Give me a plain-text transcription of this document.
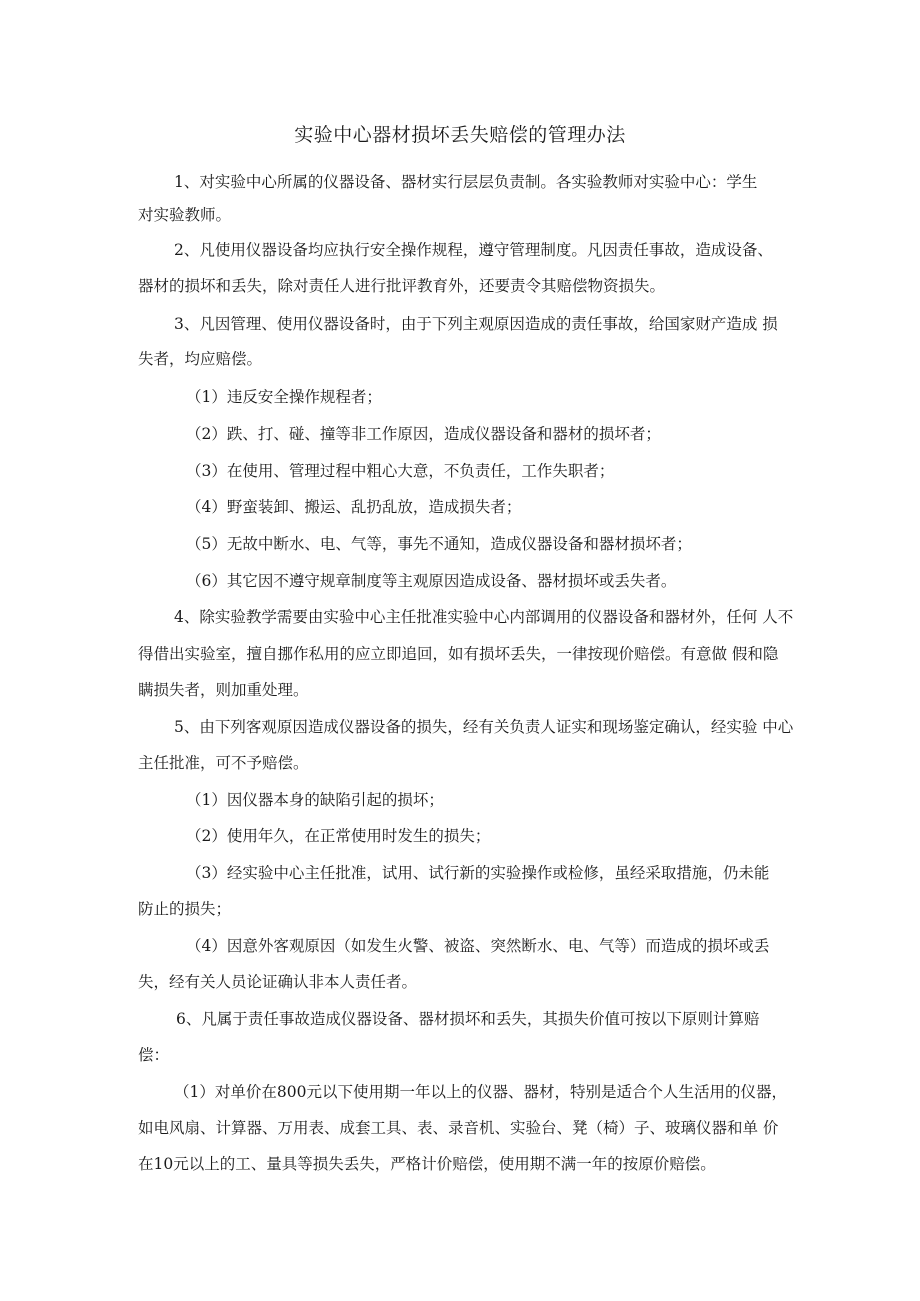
实验中心器材损坏丢失赔偿的管理办法
1、对实验中心所属的仪器设备、器材实行层层负责制。各实验教师对实验中心：学生
对实验教师。
2、凡使用仪器设备均应执行安全操作规程，遵守管理制度。凡因责任事故，造成设备、
器材的损坏和丢失，除对责任人进行批评教育外，还要责令其赔偿物资损失。
3、凡因管理、使用仪器设备时，由于下列主观原因造成的责任事故，给国家财产造成 损
失者，均应赔偿。
（1）违反安全操作规程者；
（2）跌、打、碰、撞等非工作原因，造成仪器设备和器材的损坏者；
（3）在使用、管理过程中粗心大意，不负责任，工作失职者；
（4）野蛮装卸、搬运、乱扔乱放，造成损失者；
（5）无故中断水、电、气等，事先不通知，造成仪器设备和器材损坏者；
（6）其它因不遵守规章制度等主观原因造成设备、器材损坏或丢失者。
4、除实验教学需要由实验中心主任批准实验中心内部调用的仪器设备和器材外，任何 人不
得借出实验室，擅自挪作私用的应立即追回，如有损坏丢失，一律按现价赔偿。有意做 假和隐
瞒损失者，则加重处理。
5、由下列客观原因造成仪器设备的损失，经有关负责人证实和现场鉴定确认，经实验 中心
主任批准，可不予赔偿。
（1）因仪器本身的缺陷引起的损坏；
（2）使用年久，在正常使用时发生的损失；
（3）经实验中心主任批准，试用、试行新的实验操作或检修，虽经采取措施，仍未能
防止的损失；
（4）因意外客观原因（如发生火警、被盗、突然断水、电、气等）而造成的损坏或丢
失，经有关人员论证确认非本人责任者。
6、凡属于责任事故造成仪器设备、器材损坏和丢失，其损失价值可按以下原则计算赔
偿：
（1）对单价在800元以下使用期一年以上的仪器、器材，特别是适合个人生活用的仪器，
如电风扇、计算器、万用表、成套工具、表、录音机、实验台、凳（椅）子、玻璃仪器和单 价
在10元以上的工、量具等损失丢失，严格计价赔偿，使用期不满一年的按原价赔偿。
